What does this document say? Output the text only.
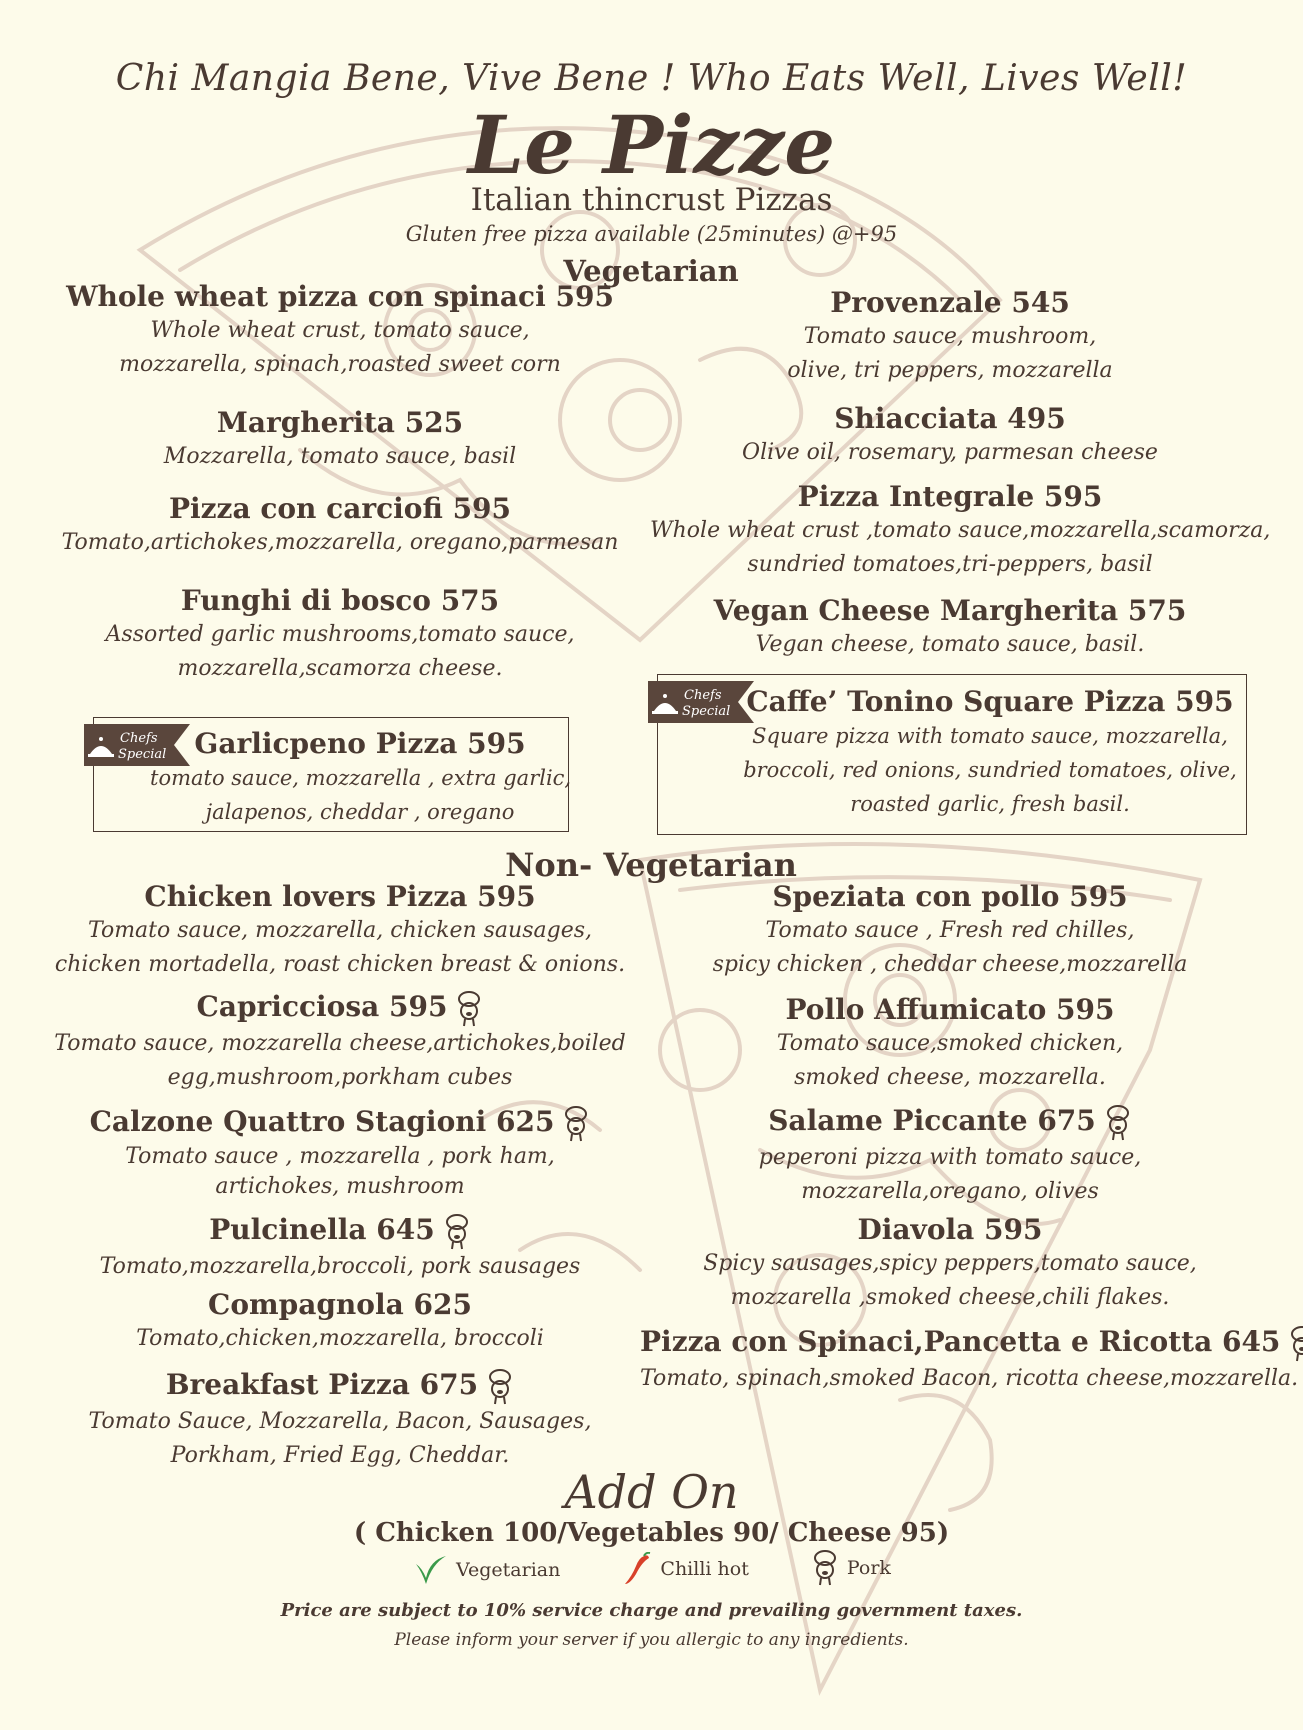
Chi Mangia Bene, Vive Bene ! Who Eats Well, Lives Well!
Le Pizze
Italian thincrust Pizzas
Gluten free pizza available (25minutes) @+95
Vegetarian
Whole wheat pizza con spinaci 595
Whole wheat crust, tomato sauce,
mozzarella, spinach,roasted sweet corn
Margherita 525
Mozzarella, tomato sauce, basil
Pizza con carciofi 595
Tomato,artichokes,mozzarella, oregano,parmesan
Funghi di bosco 575
Assorted garlic mushrooms,tomato sauce,
mozzarella,scamorza cheese.
Provenzale 545
Tomato sauce, mushroom,
olive, tri peppers, mozzarella
Shiacciata 495
Olive oil, rosemary, parmesan cheese
Pizza Integrale 595
Whole wheat crust ,tomato sauce,mozzarella,scamorza,
sundried tomatoes,tri-peppers, basil
Vegan Cheese Margherita 575
Vegan cheese, tomato sauce, basil.
Chefs
Special	Garlicpeno Pizza 595
tomato sauce, mozzarella , extra garlic,
jalapenos, cheddar , oregano
Chefs
Special Caffe’ Tonino Square Pizza 595
Square pizza with tomato sauce, mozzarella,
broccoli, red onions, sundried tomatoes, olive,
roasted garlic, fresh basil.
Non- Vegetarian
Chicken lovers Pizza 595
Tomato sauce, mozzarella, chicken sausages,
chicken mortadella, roast chicken breast & onions.
Capricciosa 595
Tomato sauce, mozzarella cheese,artichokes,boiled
egg,mushroom,porkham cubes
Calzone Quattro Stagioni 625
Tomato sauce , mozzarella , pork ham,
artichokes, mushroom
Pulcinella 645
Tomato,mozzarella,broccoli, pork sausages
Compagnola 625
Tomato,chicken,mozzarella, broccoli
Breakfast Pizza 675
Tomato Sauce, Mozzarella, Bacon, Sausages,
Porkham, Fried Egg, Cheddar.
Speziata con pollo 595
Tomato sauce , Fresh red chilles,
spicy chicken , cheddar cheese,mozzarella
Pollo Affumicato 595
Tomato sauce,smoked chicken,
smoked cheese, mozzarella.
Salame Piccante 675
peperoni pizza with tomato sauce,
mozzarella,oregano, olives
Diavola 595
Spicy sausages,spicy peppers,tomato sauce,
mozzarella ,smoked cheese,chili flakes.
Pizza con Spinaci,Pancetta e Ricotta 645
Tomato, spinach,smoked Bacon, ricotta cheese,mozzarella.
Add On
( Chicken 100/Vegetables 90/ Cheese 95)
Vegetarian
	Chilli hot
	Pork
Price are subject to 10% service charge and prevailing government taxes.
Please inform your server if you allergic to any ingredients.
